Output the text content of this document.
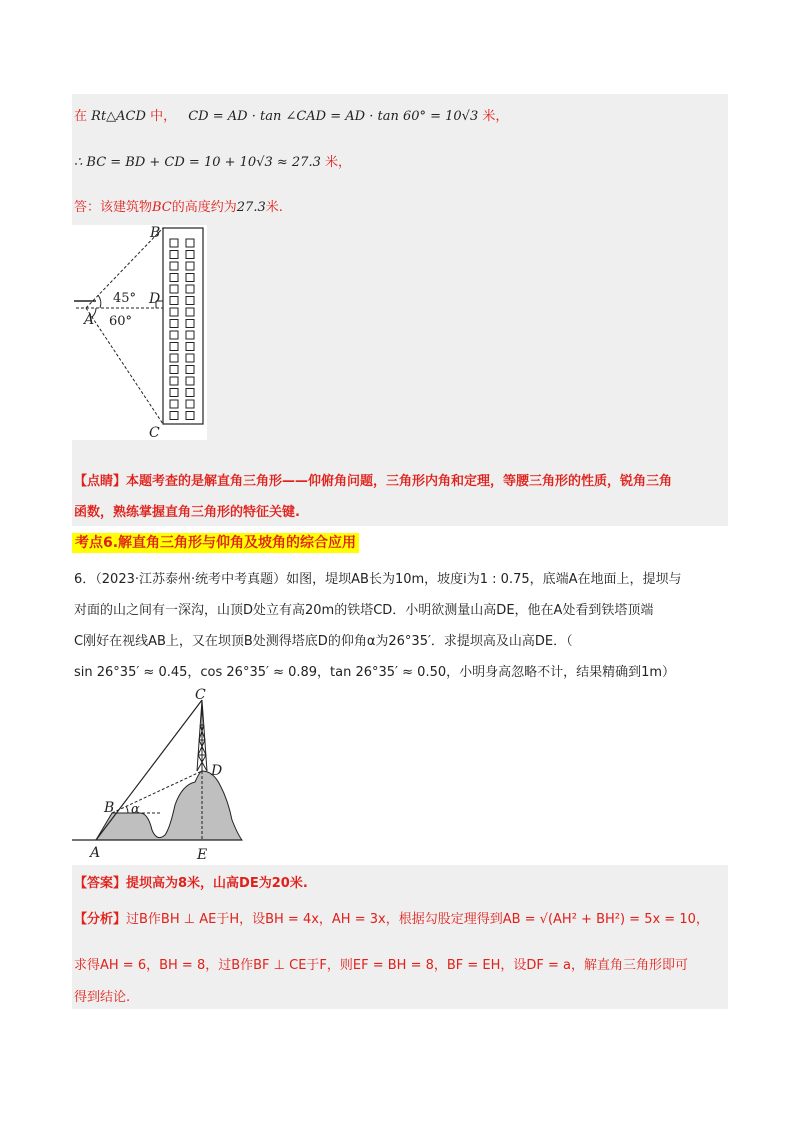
在 Rt△ACD 中， CD = AD · tan ∠CAD = AD · tan 60° = 10√3 米，
∴ BC = BD + CD = 10 + 10√3 ≈ 27.3 米，
答：该建筑物BC的高度约为27.3米.
B
D
A
C
45°
60°
【点睛】本题考查的是解直角三角形——仰俯角问题，三角形内角和定理，等腰三角形的性质，锐角三角
函数，熟练掌握直角三角形的特征关键.
考点6.解直角三角形与仰角及坡角的综合应用
6．（2023·江苏泰州·统考中考真题）如图，堤坝AB长为10m，坡度i为1 : 0.75，底端A在地面上，提坝与
对面的山之间有一深沟，山顶D处立有高20m的铁塔CD．小明欲测量山高DE，他在A处看到铁塔顶端
C刚好在视线AB上，又在坝顶B处测得塔底D的仰角α为26°35′．求提坝高及山高DE．（
sin 26°35′ ≈ 0.45，cos 26°35′ ≈ 0.89，tan 26°35′ ≈ 0.50，小明身高忽略不计，结果精确到1m）
C
D
B α
A	E
【答案】提坝高为8米，山高DE为20米.
【分析】过B作BH ⊥ AE于H，设BH = 4x，AH = 3x，根据勾股定理得到AB = √(AH² + BH²) = 5x = 10，
求得AH = 6，BH = 8，过B作BF ⊥ CE于F，则EF = BH = 8，BF = EH，设DF = a，解直角三角形即可
得到结论.
